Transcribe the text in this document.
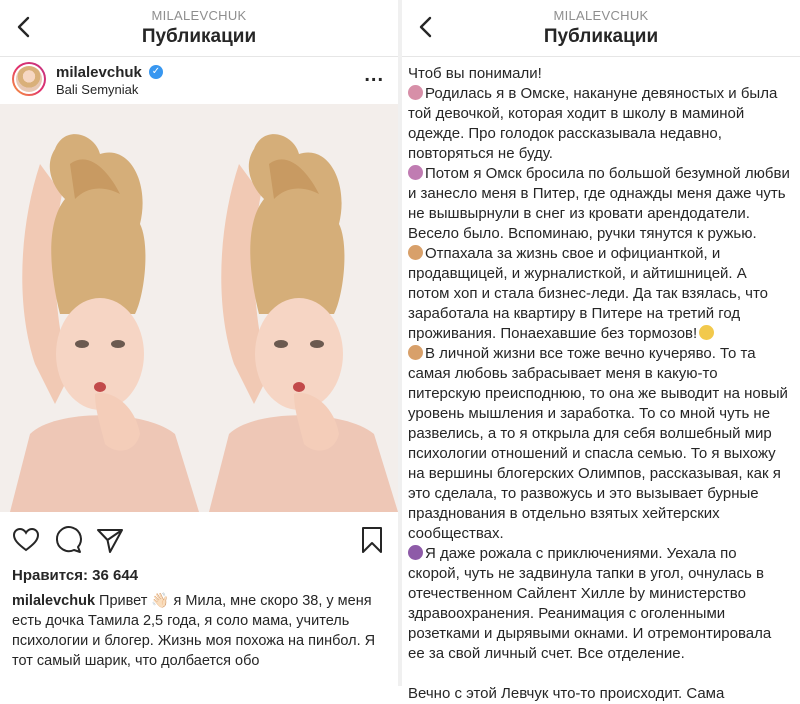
MILALEVCHUK
Публикации
milalevchuk ✓
Bali Semyniak
...
Нравится: 36 644
milalevchuk Привет 👋🏻 я Мила, мне скоро 38, у меня есть дочка Тамила 2,5 года, я соло мама, учитель психологии и блогер. Жизнь моя похожа на пинбол. Я тот самый шарик, что долбается обо
MILALEVCHUK
Публикации

Чтоб вы понимали!

Родилась я в Омске, накануне девяностых и была той девочкой, которая ходит в школу в маминой одежде. Про голодок рассказывала недавно, повторяться не буду.

Потом я Омск бросила по большой безумной любви и занесло меня в Питер, где однажды меня даже чуть не вышвырнули в снег из кровати арендодатели. Весело было. Вспоминаю, ручки тянутся к ружью.

Отпахала за жизнь свое и официанткой, и продавщицей, и журналисткой, и айтишницей. А потом хоп и стала бизнес-леди. Да так взялась, что заработала на квартиру в Питере на третий год проживания. Понаехавшие без тормозов!

В личной жизни все тоже вечно кучеряво. То та самая любовь забрасывает меня в какую-то питерскую преисподнюю, то она же выводит на новый уровень мышления и заработка. То со мной чуть не развелись, а то я открыла для себя волшебный мир психологии отношений и спасла семью. То я выхожу на вершины блогерских Олимпов, рассказывая, как я это сделала, то развожусь и это вызывает бурные празднования в отдельно взятых хейтерских сообществах.

Я даже рожала с приключениями. Уехала по скорой, чуть не задвинула тапки в угол, очнулась в отечественном Сайлент Хилле by министерство здравоохранения. Реанимация с оголенными розетками и дырявыми окнами. И отремонтировала ее за свой личный счет. Все отделение.

Вечно с этой Левчук что-то происходит. Сама
